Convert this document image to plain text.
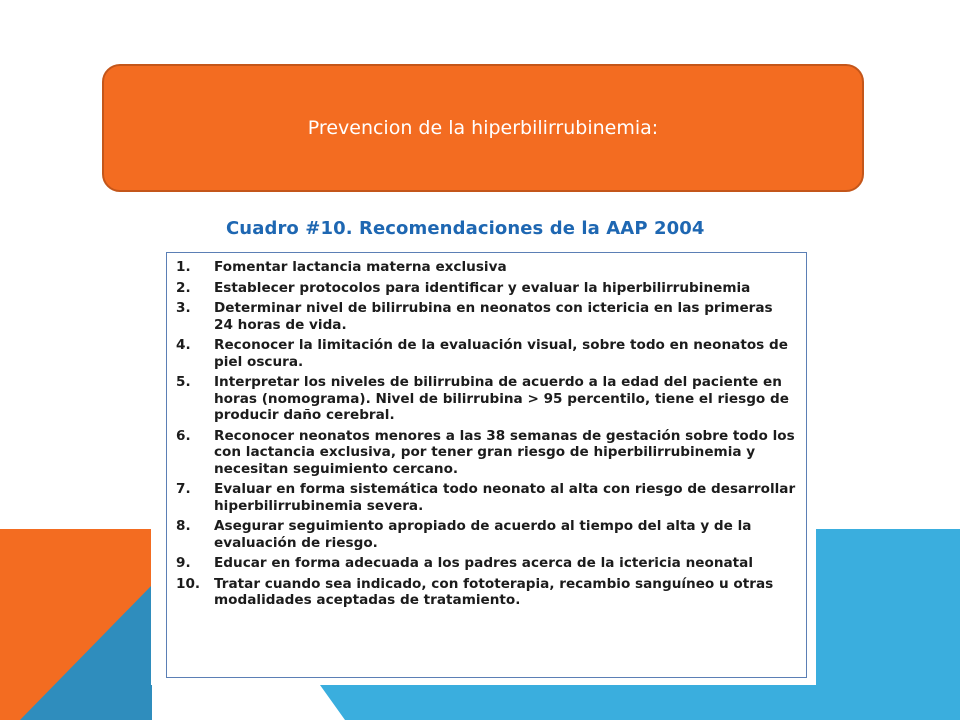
Prevencion de la hiperbilirrubinemia:
Cuadro #10. Recomendaciones de la AAP 2004
1.	Fomentar lactancia materna exclusiva
2.	Establecer protocolos para identificar y evaluar la hiperbilirrubinemia
3.	Determinar nivel de bilirrubina en neonatos con ictericia en las primeras 24 horas de vida.
4.	Reconocer la limitación de la evaluación visual, sobre todo en neonatos de piel oscura.
5.	Interpretar los niveles de bilirrubina de acuerdo a la edad del paciente en horas (nomograma). Nivel de bilirrubina > 95 percentilo, tiene el riesgo de producir daño cerebral.
6.	Reconocer neonatos menores a las 38 semanas de gestación sobre todo los con lactancia exclusiva, por tener gran riesgo de hiperbilirrubinemia y necesitan seguimiento cercano.
7.	Evaluar en forma sistemática todo neonato al alta con riesgo de desarrollar hiperbilirrubinemia severa.
8.	Asegurar seguimiento apropiado de acuerdo al tiempo del alta y de la evaluación de riesgo.
9.	Educar en forma adecuada a los padres acerca de la ictericia neonatal
10.	Tratar cuando sea indicado, con fototerapia, recambio sanguíneo u otras modalidades aceptadas de tratamiento.
